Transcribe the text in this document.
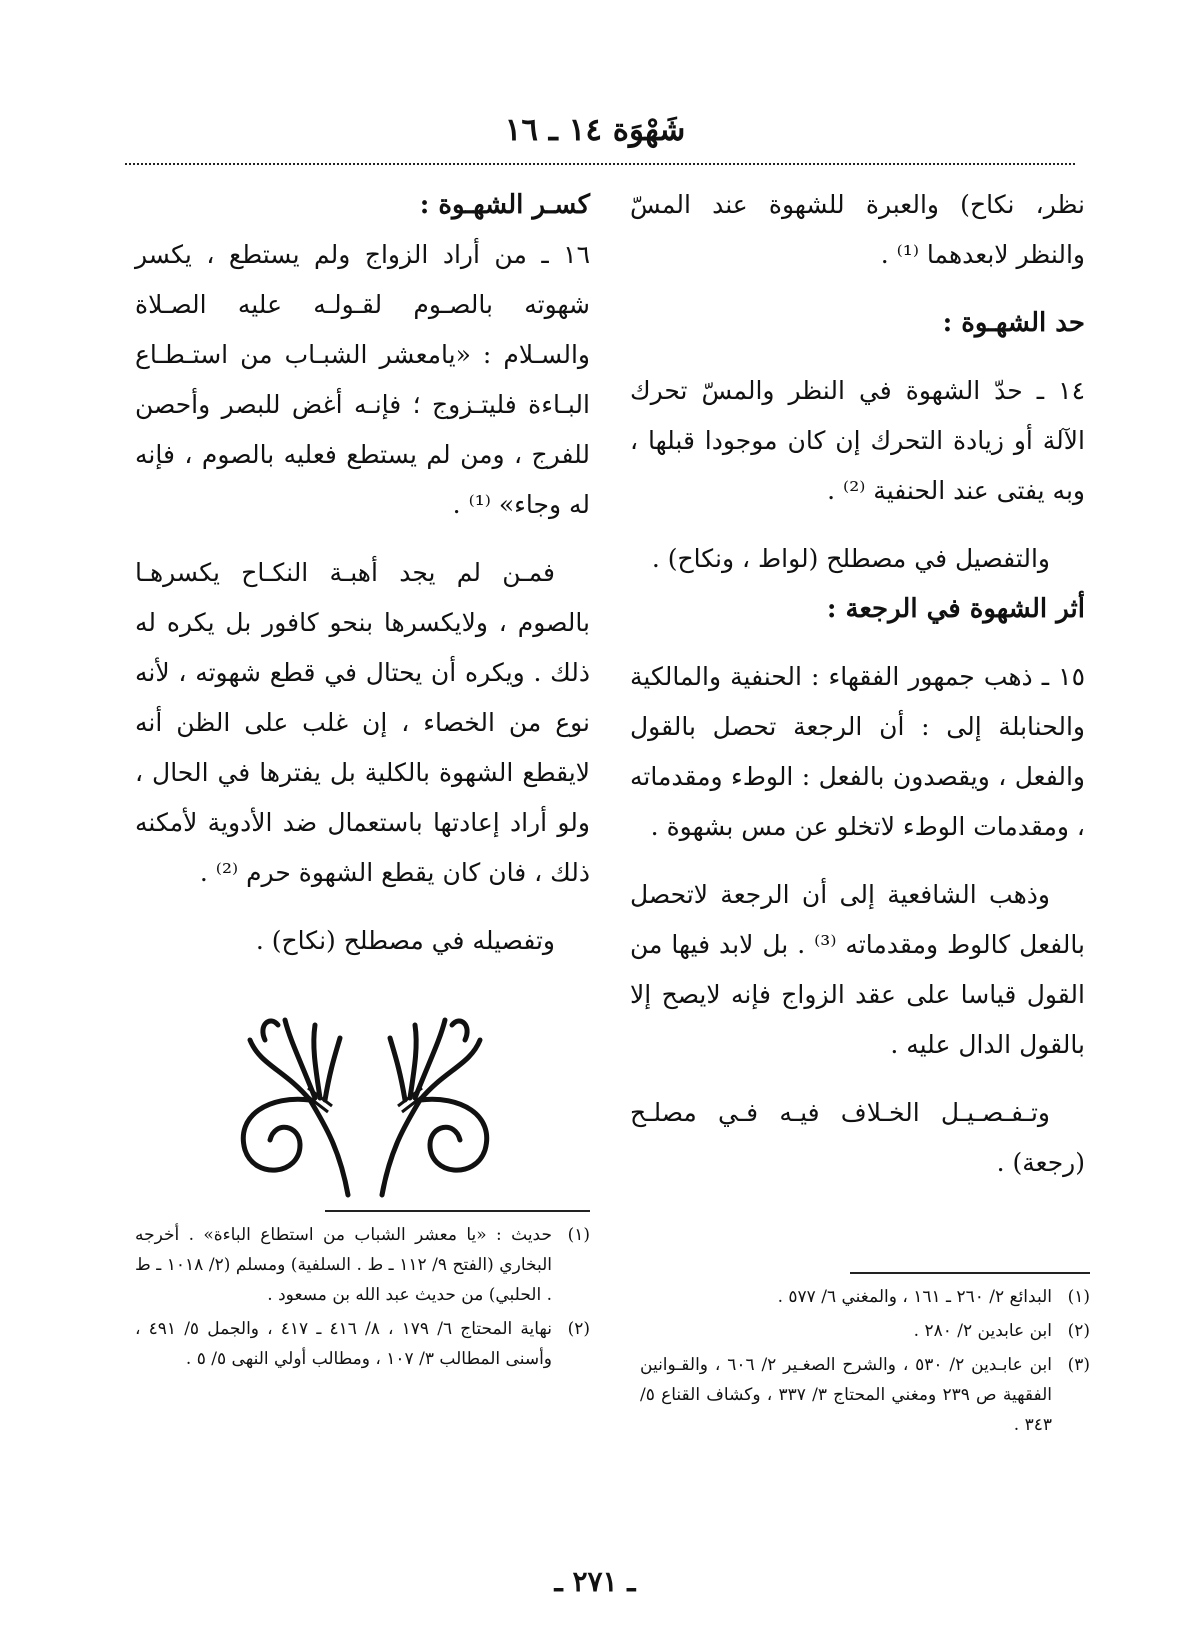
شَهْوَة ١٤ ـ ١٦

نظر، نكاح) والعبرة للشهوة عند المسّ والنظر لابعدهما ⁽¹⁾ .

حد الشهـوة :

١٤ ـ حدّ الشهوة في النظر والمسّ تحرك الآلة أو زيادة التحرك إن كان موجودا قبلها ، وبه يفتى عند الحنفية ⁽²⁾ .

والتفصيل في مصطلح (لواط ، ونكاح) .

أثر الشهوة في الرجعة :

١٥ ـ ذهب جمهور الفقهاء : الحنفية والمالكية والحنابلة إلى : أن الرجعة تحصل بالقول والفعل ، ويقصدون بالفعل : الوطء ومقدماته ، ومقدمات الوطء لاتخلو عن مس بشهوة .

وذهب الشافعية إلى أن الرجعة لاتحصل بالفعل كالوط ومقدماته ⁽³⁾ . بل لابد فيها من القول قياسا على عقد الزواج فإنه لايصح إلا بالقول الدال عليه .

وتـفـصـيـل الخـلاف فيـه فـي مصلـح (رجعة) .

كسـر الشهـوة :

١٦ ـ من أراد الزواج ولم يستطع ، يكسر شهوته بالصـوم لقـولـه عليه الصـلاة والسـلام : «يامعشر الشبـاب من استـطـاع البـاءة فليتـزوج ؛ فإنـه أغض للبصر وأحصن للفرج ، ومن لم يستطع فعليه بالصوم ، فإنه له وجاء» ⁽¹⁾ .

فمـن لم يجد أهبـة النكـاح يكسرهـا بالصوم ، ولايكسرها بنحو كافور بل يكره له ذلك . ويكره أن يحتال في قطع شهوته ، لأنه نوع من الخصاء ، إن غلب على الظن أنه لايقطع الشهوة بالكلية بل يفترها في الحال ، ولو أراد إعادتها باستعمال ضد الأدوية لأمكنه ذلك ، فان كان يقطع الشهوة حرم ⁽²⁾ .

وتفصيله في مصطلح (نكاح) .

(١)
البدائع ٢/ ٢٦٠ ـ ١٦١ ، والمغني ٦/ ٥٧٧ .
(٢)
ابن عابدين ٢/ ٢٨٠ .
(٣)
ابن عابـدين ٢/ ٥٣٠ ، والشرح الصغـير ٢/ ٦٠٦ ، والقـوانين الفقهية ص ٢٣٩ ومغني المحتاج ٣/ ٣٣٧ ، وكشاف القناع ٥/ ٣٤٣ .
(١)
حديث : «يا معشر الشباب من استطاع الباءة» . أخرجه البخاري (الفتح ٩/ ١١٢ ـ ط . السلفية) ومسلم (٢/ ١٠١٨ ـ ط . الحلبي) من حديث عبد الله بن مسعود .
(٢)
نهاية المحتاج ٦/ ١٧٩ ، ٨/ ٤١٦ ـ ٤١٧ ، والجمل ٥/ ٤٩١ ، وأسنى المطالب ٣/ ١٠٧ ، ومطالب أولي النهى ٥/ ٥ .
ـ ٢٧١ ـ
